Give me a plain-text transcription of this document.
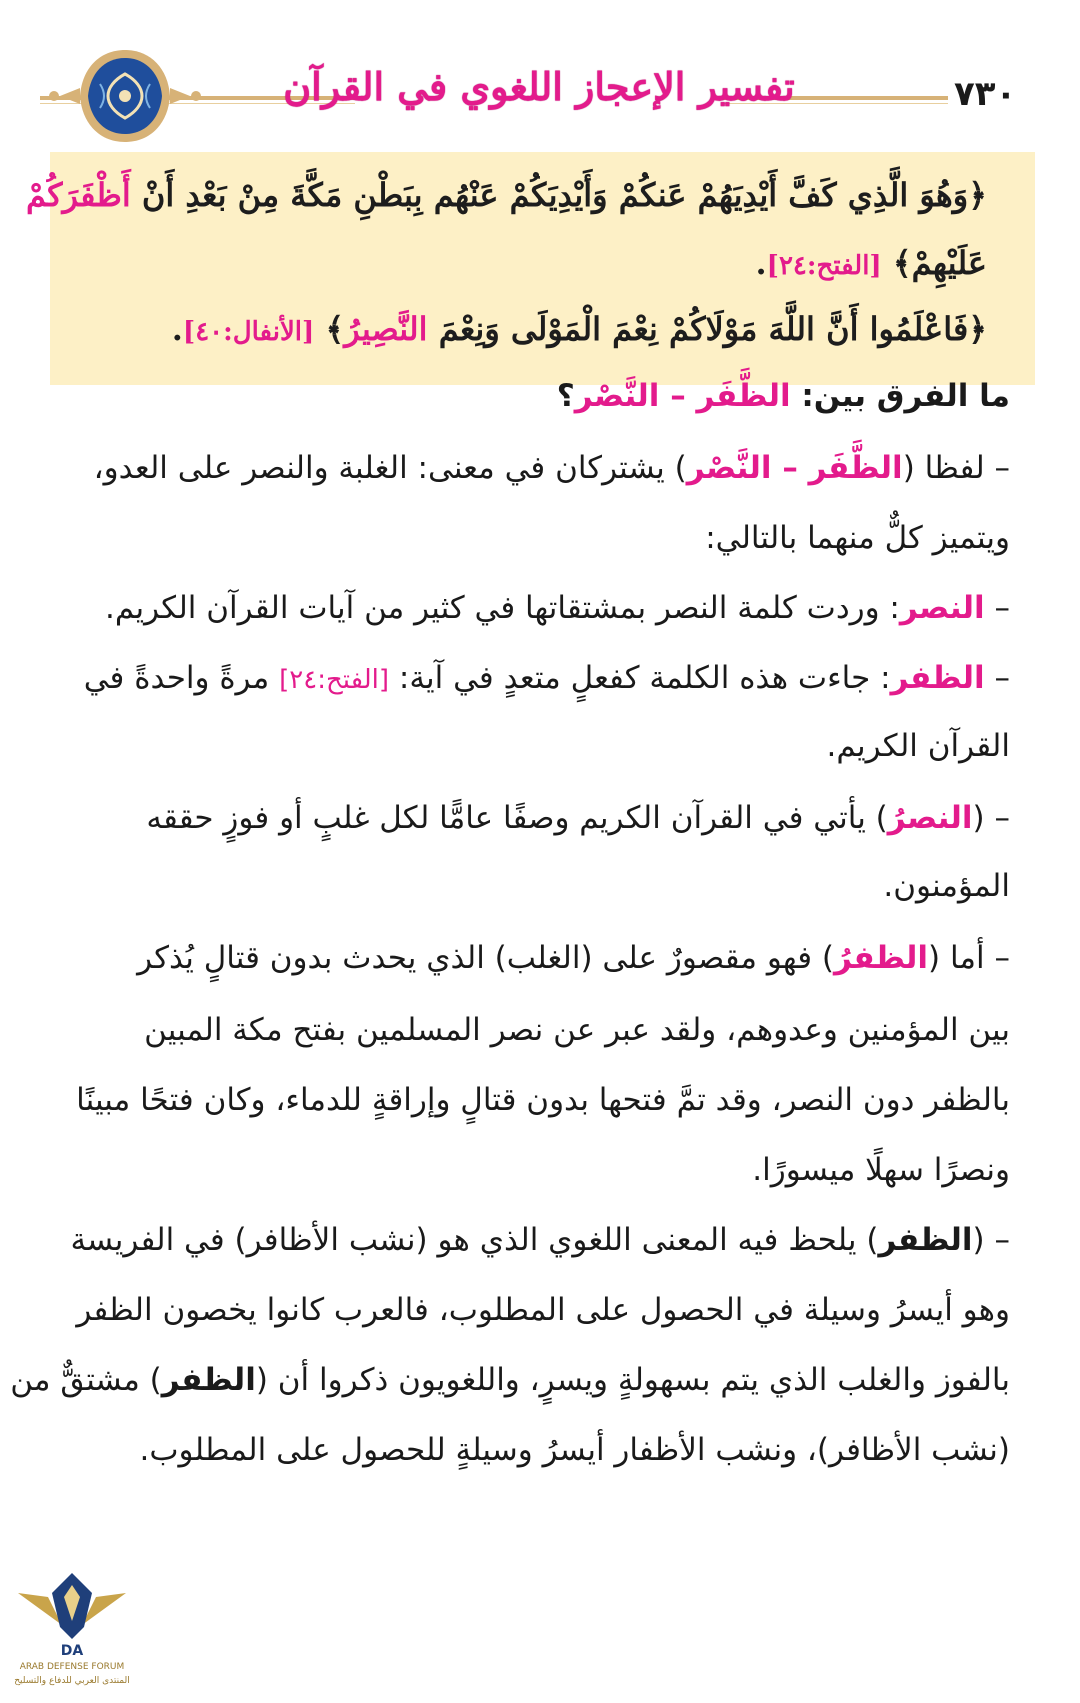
٧٣٠
تفسير الإعجاز اللغوي في القرآن
﴿وَهُوَ الَّذِي كَفَّ أَيْدِيَهُمْ عَنكُمْ وَأَيْدِيَكُمْ عَنْهُم بِبَطْنِ مَكَّةَ مِنْ بَعْدِ أَنْ أَظْفَرَكُمْ
عَلَيْهِمْ﴾ [الفتح:٢٤].
﴿فَاعْلَمُوا أَنَّ اللَّهَ مَوْلَاكُمْ نِعْمَ الْمَوْلَى وَنِعْمَ النَّصِيرُ﴾ [الأنفال:٤٠].
ما الفرق بين: الظَّفَر – النَّصْر؟
– لفظا (الظَّفَر – النَّصْر) يشتركان في معنى: الغلبة والنصر على العدو،
ويتميز كلٌّ منهما بالتالي:
– النصر: وردت كلمة النصر بمشتقاتها في كثير من آيات القرآن الكريم.
– الظفر: جاءت هذه الكلمة كفعلٍ متعدٍ في آية: [الفتح:٢٤] مرةً واحدةً في
القرآن الكريم.
– (النصرُ) يأتي في القرآن الكريم وصفًا عامًّا لكل غلبٍ أو فوزٍ حققه
المؤمنون.
– أما (الظفرُ) فهو مقصورٌ على (الغلب) الذي يحدث بدون قتالٍ يُذكر
بين المؤمنين وعدوهم، ولقد عبر عن نصر المسلمين بفتح مكة المبين
بالظفر دون النصر، وقد تمَّ فتحها بدون قتالٍ وإراقةٍ للدماء، وكان فتحًا مبينًا
ونصرًا سهلًا ميسورًا.
– (الظفر) يلحظ فيه المعنى اللغوي الذي هو (نشب الأظافر) في الفريسة
وهو أيسرُ وسيلة في الحصول على المطلوب، فالعرب كانوا يخصون الظفر
بالفوز والغلب الذي يتم بسهولةٍ ويسرٍ، واللغويون ذكروا أن (الظفر) مشتقٌّ من
(نشب الأظافر)، ونشب الأظفار أيسرُ وسيلةٍ للحصول على المطلوب.
DA
ARAB DEFENSE FORUM
المنتدى العربي للدفاع والتسليح
